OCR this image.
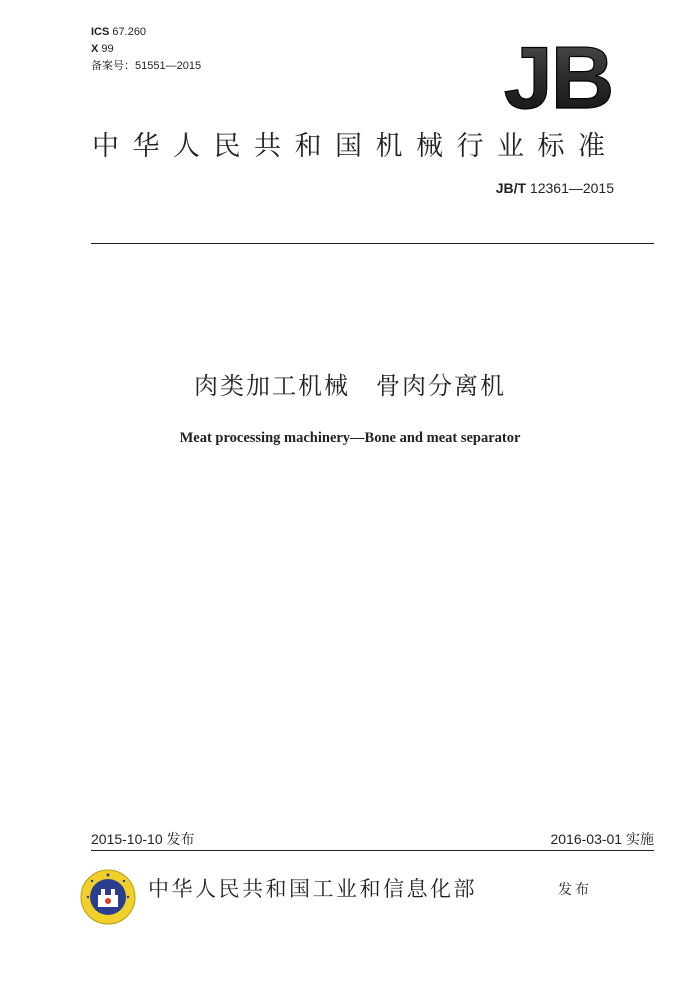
ICS 67.260
X 99
备案号：51551—2015	JB
中华人民共和国机械行业标准
JB/T 12361—2015
肉类加工机械　骨肉分离机
Meat processing machinery—Bone and meat separator
2015-10-10 发布	2016-03-01 实施
中华人民共和国工业和信息化部	发布
